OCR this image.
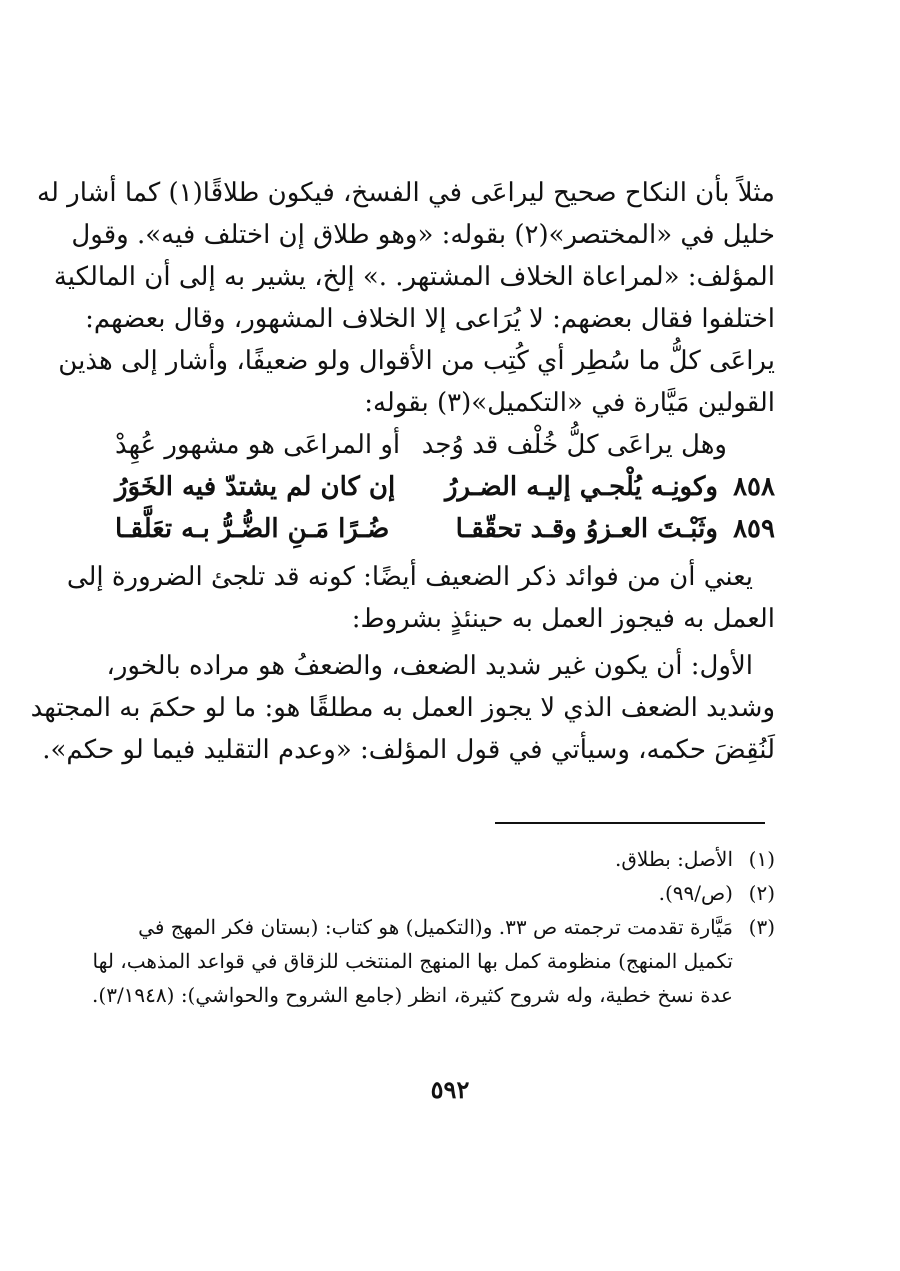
مثلاً بأن النكاح صحيح ليراعَى في الفسخ، فيكون طلاقًا(١) كما أشار له
خليل في «المختصر»(٢) بقوله: «وهو طلاق إن اختلف فيه». وقول
المؤلف: «لمراعاة الخلاف المشتهر. .» إلخ، يشير به إلى أن المالكية
اختلفوا فقال بعضهم: لا يُرَاعى إلا الخلاف المشهور، وقال بعضهم:
يراعَى كلُّ ما سُطِر أي كُتِب من الأقوال ولو ضعيفًا، وأشار إلى هذين
القولين مَيَّارة في «التكميل»(٣) بقوله:
وهل يراعَى كلُّ خُلْف قد وُجد
أو المراعَى هو مشهور عُهِدْ
٨٥٨ وكونِـه يُلْجـي إليـه الضـررُ
إن كان لم يشتدّ فيه الخَوَرُ
٨٥٩ وثَبْـتَ العـزوُ وقـد تحقّقـا
ضُـرًا مَـنِ الضُّـرُّ بـه تعَلَّقـا
يعني أن من فوائد ذكر الضعيف أيضًا: كونه قد تلجئ الضرورة إلى
العمل به فيجوز العمل به حينئذٍ بشروط:
الأول: أن يكون غير شديد الضعف، والضعفُ هو مراده بالخور،
وشديد الضعف الذي لا يجوز العمل به مطلقًا هو: ما لو حكمَ به المجتهد
لَنُقِضَ حكمه، وسيأتي في قول المؤلف: «وعدم التقليد فيما لو حكم».
(١)
الأصل: بطلاق.
(٢)
(ص/٩٩).
(٣)
مَيَّارة تقدمت ترجمته ص ٣٣. و(التكميل) هو كتاب: (بستان فكر المهج في
تكميل المنهج) منظومة كمل بها المنهج المنتخب للزقاق في قواعد المذهب، لها
عدة نسخ خطية، وله شروح كثيرة، انظر (جامع الشروح والحواشي): (٣/١٩٤٨).
٥٩٢
